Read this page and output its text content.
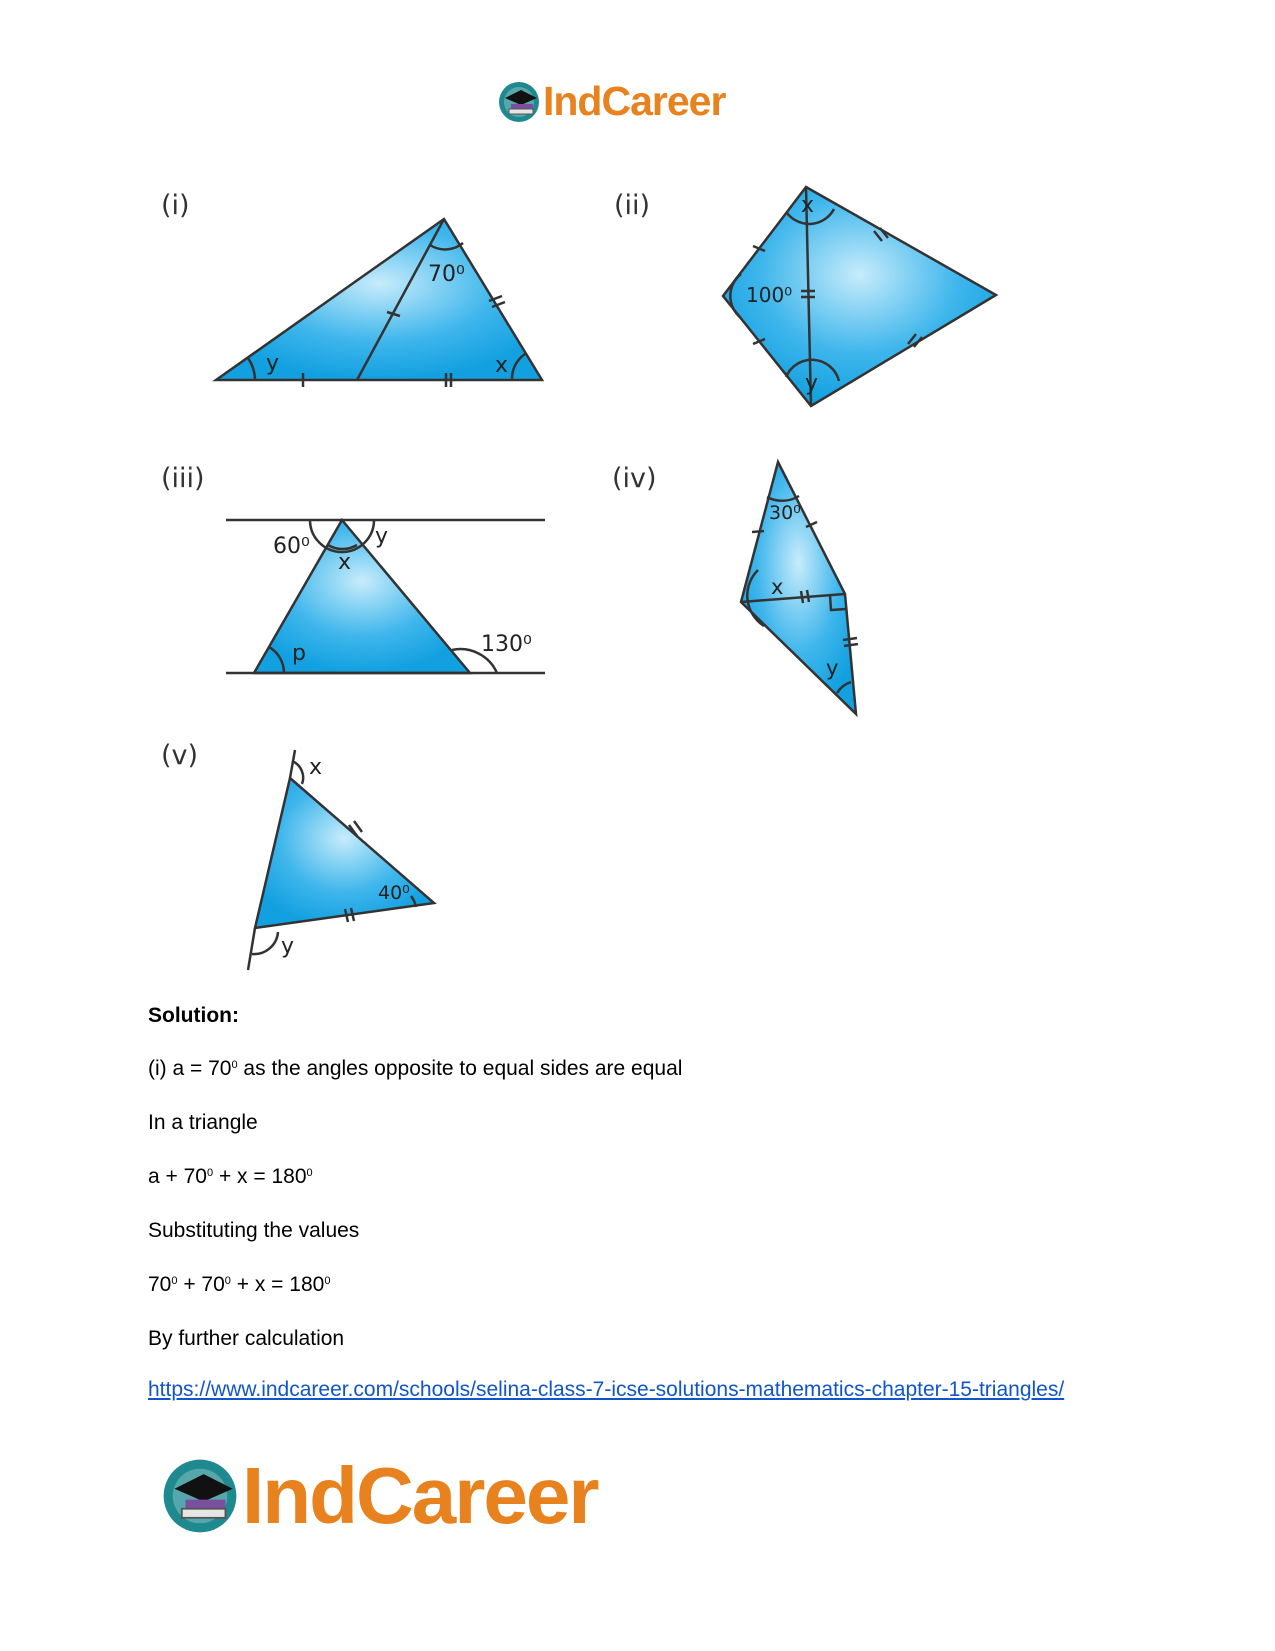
IndCareer
(i)	(ii)
(iii)	(iv)
(v)
70⁰
y	x
100⁰
x
y
60⁰
x
y
p	130⁰
30⁰
x
y
x
40⁰
y
Solution:
(i) $a = 70^0$ as the angles opposite to equal sides are equal
In a triangle
$a + 70^0 + x = 180^0$
Substituting the values
$70^0 + 70^0 + x = 180^0$
By further calculation
https://www.indcareer.com/schools/selina-class-7-icse-solutions-mathematics-chapter-15-triangles/
IndCareer
